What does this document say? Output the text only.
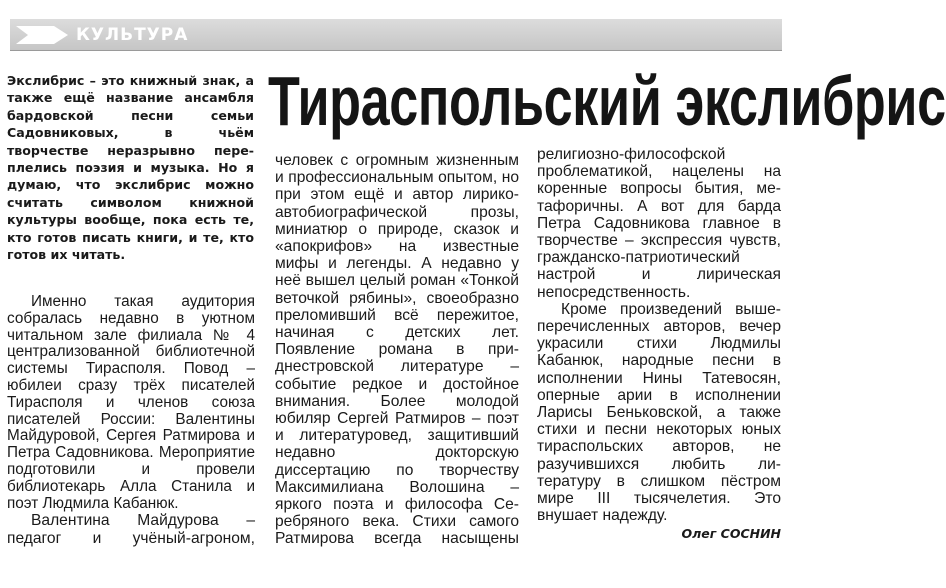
КУЛЬТУРА
Тираспольский экслибрис

Экслибрис – это книжный знак, а также ещё название ансамбля бардовской песни семьи Садовниковых, в чьём творчестве неразрывно переплелись поэзия и музыка. Но я думаю, что экслибрис можно считать символом книжной культуры вообще, пока есть те, кто готов писать книги, и те, кто готов их читать.

Именно такая аудитория собралась недавно в уютном читальном зале филиала № 4 централизованной библиотечной системы Тирасполя. Повод – юбилеи сразу трёх писателей Тирасполя и членов союза писателей России: Валентины Майдуровой, Сергея Ратмирова и Петра Садовникова. Мероприятие подготовили и провели библиотекарь Алла Станила и поэт Людмила Кабанюк.

Валентина Майдурова – педагог и учёный-агроном,

человек с огромным жизненным и профессиональным опытом, но при этом ещё и автор лирико-автобиографической прозы, миниатюр о природе, сказок и «апокрифов» на известные мифы и легенды. А недавно у неё вышел целый роман «Тонкой веточкой рябины», своеобразно преломивший всё пережитое, начиная с детских лет. Появление романа в приднестровской литературе – событие редкое и достойное внимания. Более молодой юбиляр Сергей Ратмиров – поэт и литературовед, защитивший недавно докторскую диссертацию по творчеству Максимилиана Волошина – яркого поэта и философа Серебряного века. Стихи самого Ратмирова всегда насыщены

религиозно-философской проблематикой, нацелены на коренные вопросы бытия, метафоричны. А вот для барда Петра Садовникова главное в творчестве – экспрессия чувств, гражданско-патриотический настрой и лирическая непосредственность.

Кроме произведений вышеперечисленных авторов, вечер украсили стихи Людмилы Кабанюк, народные песни в исполнении Нины Татевосян, оперные арии в исполнении Ларисы Беньковской, а также стихи и песни некоторых юных тираспольских авторов, не разучившихся любить литературу в слишком пёстром мире III тысячелетия. Это внушает надежду.

Олег СОСНИН
